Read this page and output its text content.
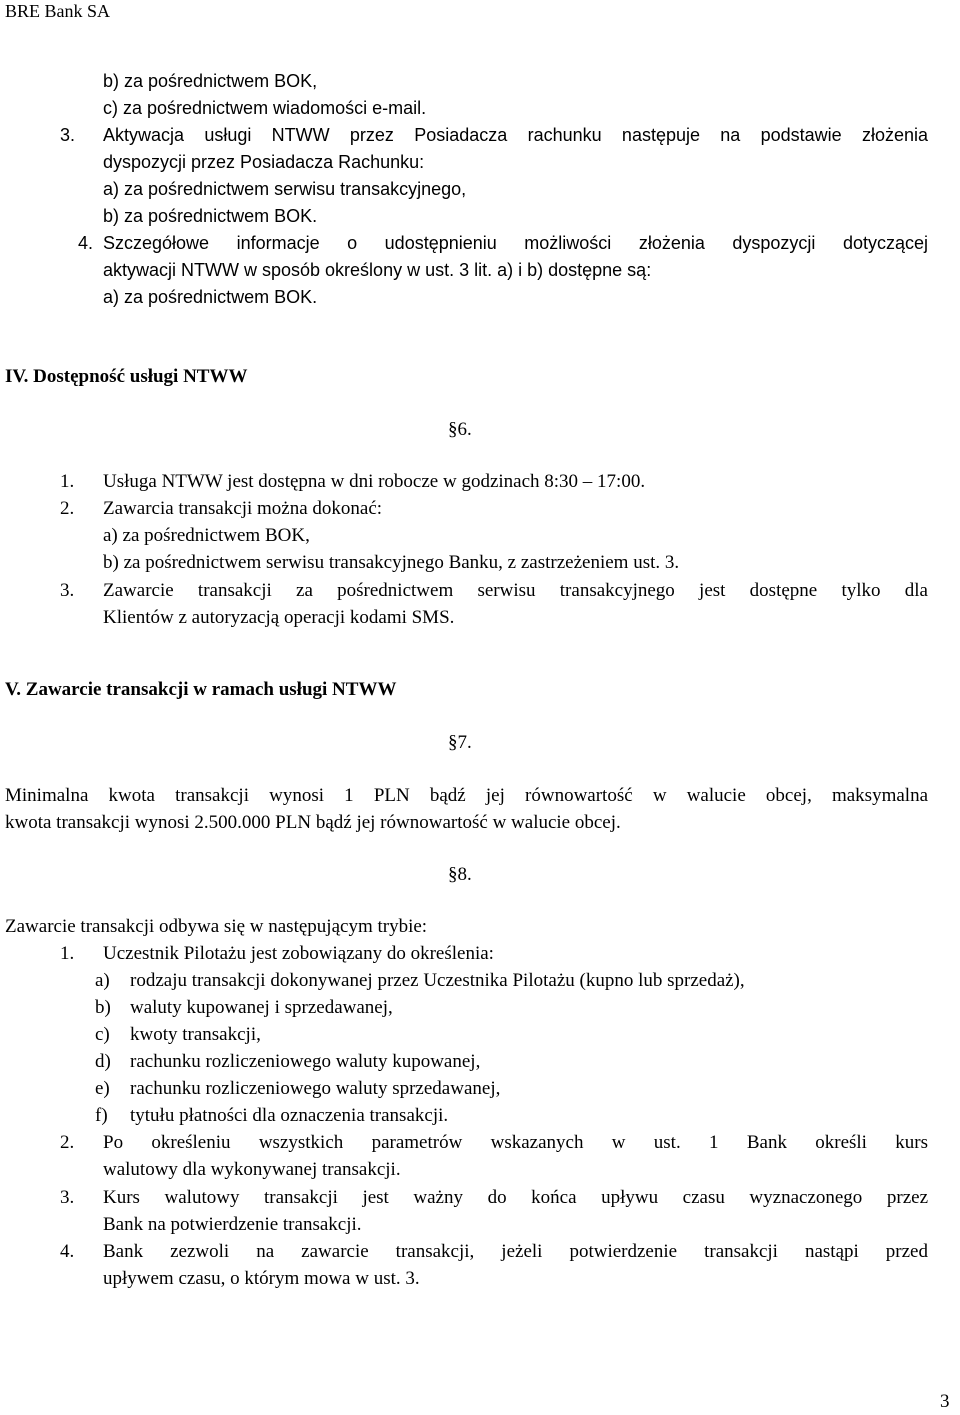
BRE Bank SA
b) za pośrednictwem BOK,
c) za pośrednictwem wiadomości e-mail.
3. Aktywacja usługi NTWW przez Posiadacza rachunku następuje na podstawie złożenia
dyspozycji przez Posiadacza Rachunku:
a) za pośrednictwem serwisu transakcyjnego,
b) za pośrednictwem BOK.
4. Szczegółowe informacje o udostępnieniu możliwości złożenia dyspozycji dotyczącej
aktywacji NTWW w sposób określony w ust. 3 lit. a) i b) dostępne są:
a) za pośrednictwem BOK.
IV. Dostępność usługi NTWW
§6.
1. Usługa NTWW jest dostępna w dni robocze w godzinach 8:30 – 17:00.
2. Zawarcia transakcji można dokonać:
a) za pośrednictwem BOK,
b) za pośrednictwem serwisu transakcyjnego Banku, z zastrzeżeniem ust. 3.
3. Zawarcie transakcji za pośrednictwem serwisu transakcyjnego jest dostępne tylko dla
Klientów z autoryzacją operacji kodami SMS.
V. Zawarcie transakcji w ramach usługi NTWW
§7.
Minimalna kwota transakcji wynosi 1 PLN bądź jej równowartość w walucie obcej, maksymalna
kwota transakcji wynosi 2.500.000 PLN bądź jej równowartość w walucie obcej.
§8.
Zawarcie transakcji odbywa się w następującym trybie:
1. Uczestnik Pilotażu jest zobowiązany do określenia:
a) rodzaju transakcji dokonywanej przez Uczestnika Pilotażu (kupno lub sprzedaż),
b) waluty kupowanej i sprzedawanej,
c) kwoty transakcji,
d) rachunku rozliczeniowego waluty kupowanej,
e) rachunku rozliczeniowego waluty sprzedawanej,
f) tytułu płatności dla oznaczenia transakcji.
2. Po określeniu wszystkich parametrów wskazanych w ust. 1 Bank określi kurs
walutowy dla wykonywanej transakcji.
3. Kurs walutowy transakcji jest ważny do końca upływu czasu wyznaczonego przez
Bank na potwierdzenie transakcji.
4. Bank zezwoli na zawarcie transakcji, jeżeli potwierdzenie transakcji nastąpi przed
upływem czasu, o którym mowa w ust. 3.
3
